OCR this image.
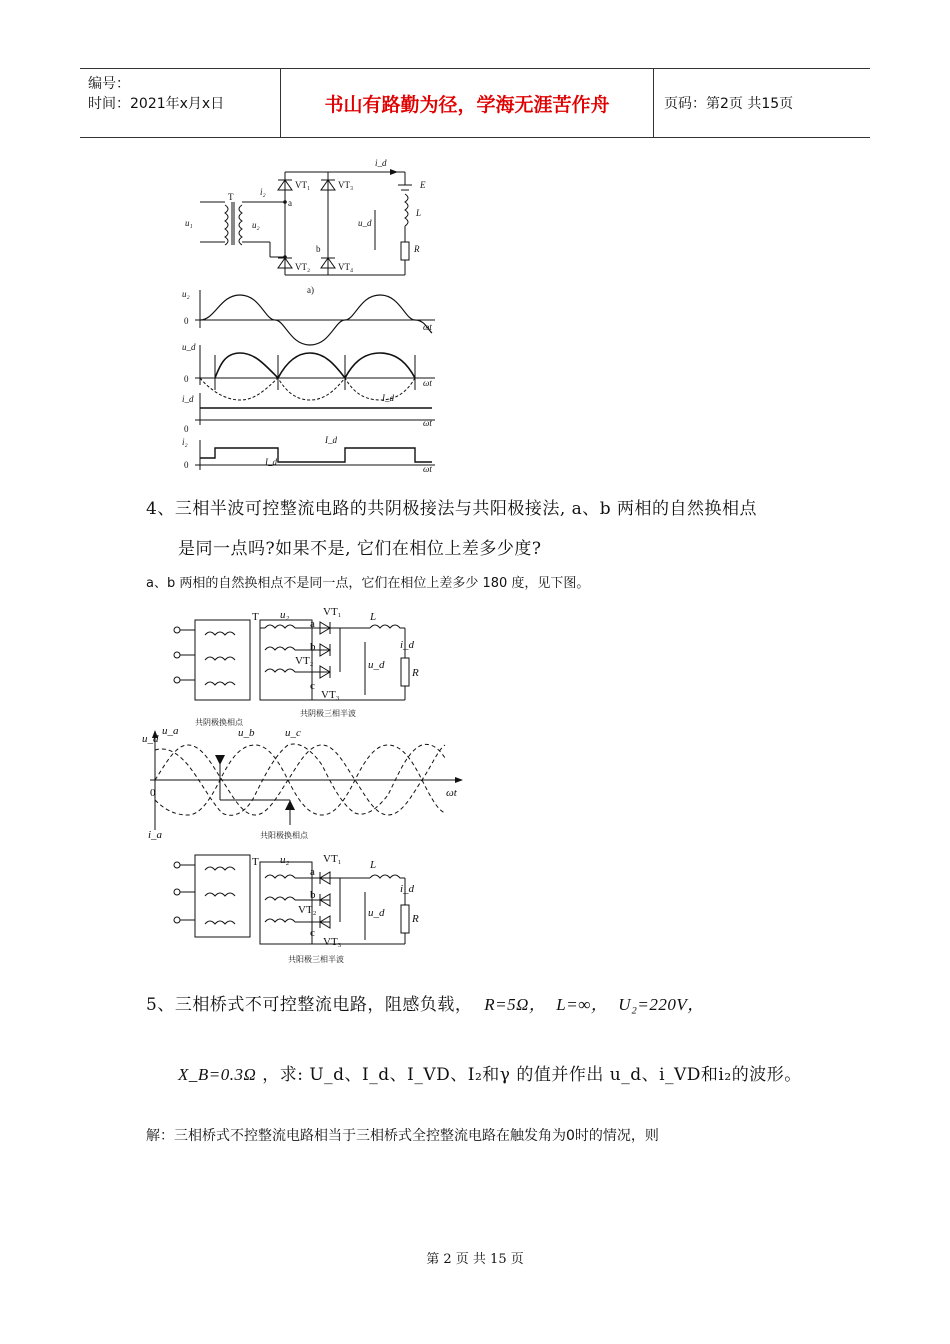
编号：
时间：2021年x月x日	书山有路勤为径，学海无涯苦作舟	页码：第2页 共15页
u₁
T
u₂
i₂
a
b
VT₁	VT₃
VT₂	VT₄
i_d
E
L
u_d
R
a)
u₂
0
ωt
u_d
0	ωt
i_d	I_d
0
ωt
i₂	I_d
I_d
0	ωt
4、三相半波可控整流电路的共阴极接法与共阳极接法, a、b 两相的自然换相点
是同一点吗?如果不是, 它们在相位上差多少度?
a、b 两相的自然换相点不是同一点，它们在相位上差多少 180 度，见下图。
T u₂	VT₁
a
b
VT₂
c
VT₃
L
i_d
u_d
R
u_d
u_a	u_b	u_c
0	ωt
i_a
T u₂	VT₁
a
b
VT₂
c
VT₃
L
i_d
u_d	R
共阴极三相半波
共阴极换相点
共阳极换相点
共阳极三相半波
5、三相桥式不可控整流电路，阻感负载， R=5Ω， L=∞， U₂=220V，
X_B=0.3Ω ，求: U_d、I_d、I_VD、I₂和γ 的值并作出 u_d、i_VD和i₂的波形。
解：三相桥式不控整流电路相当于三相桥式全控整流电路在触发角为0时的情况，则
第 2 页 共 15 页
